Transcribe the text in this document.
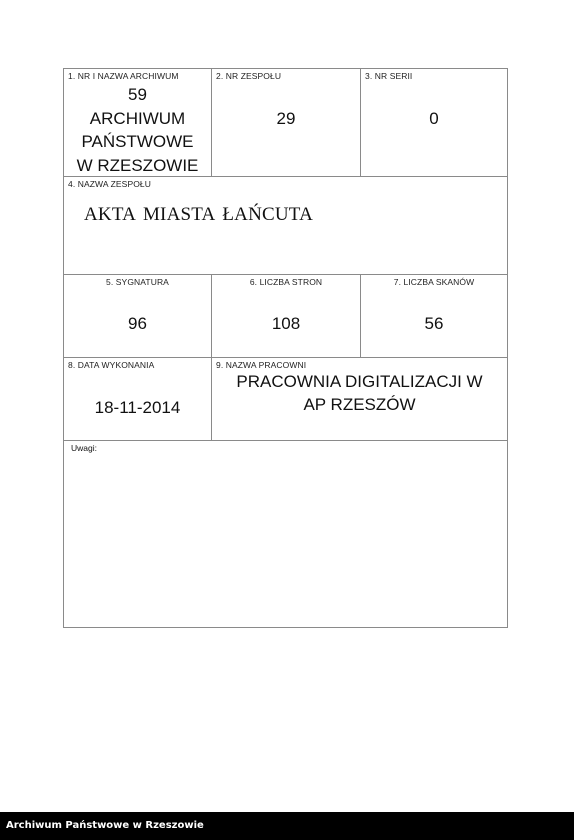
1. NR I NAZWA ARCHIWUM
59
ARCHIWUM
PAŃSTWOWE
W RZESZOWIE
2. NR ZESPOŁU
29
3. NR SERII
0
4. NAZWA ZESPOŁU
AKTA MIASTA ŁAŃCUTA
5. SYGNATURA
96
6. LICZBA STRON
108
7. LICZBA SKANÓW
56
8. DATA WYKONANIA
18-11-2014
9. NAZWA PRACOWNI
PRACOWNIA DIGITALIZACJI W
AP RZESZÓW
Uwagi:
Archiwum Państwowe w Rzeszowie
